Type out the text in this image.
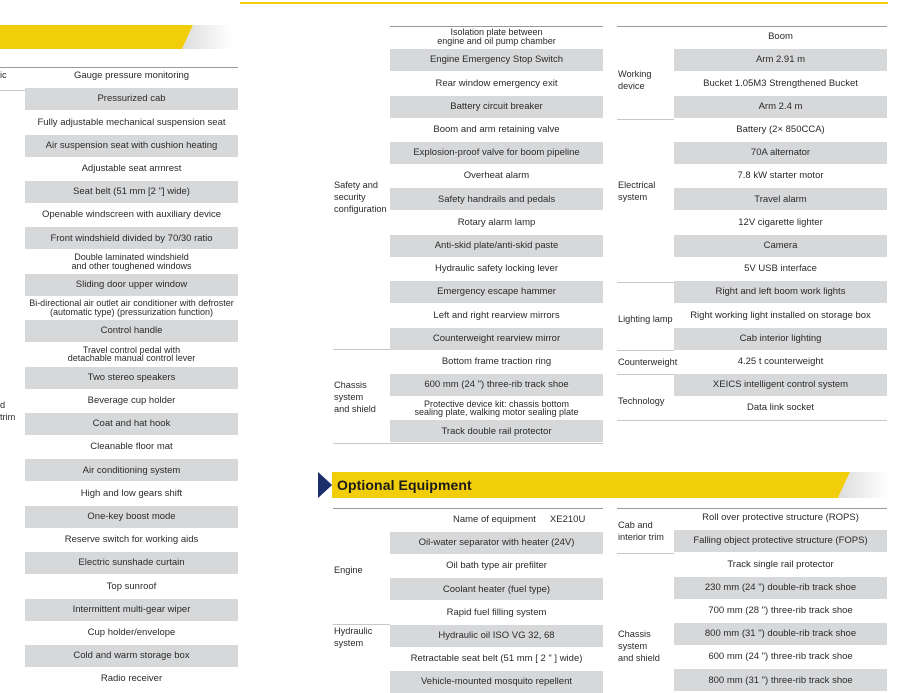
Optional Equipment
Gauge pressure monitoring
Pressurized cab
Fully adjustable mechanical suspension seat
Air suspension seat with cushion heating
Adjustable seat armrest
Seat belt (51 mm [2 "] wide)
Openable windscreen with auxiliary device
Front windshield divided by 70/30 ratio
Double laminated windshield
and other toughened windows
Sliding door upper window
Bi-directional air outlet air conditioner with defroster
(automatic type) (pressurization function)
Control handle
Travel control pedal with
detachable manual control lever
Two stereo speakers
Beverage cup holder
Coat and hat hook
Cleanable floor mat
Air conditioning system
High and low gears shift
One-key boost mode
Reserve switch for working aids
Electric sunshade curtain
Top sunroof
Intermittent multi-gear wiper
Cup holder/envelope
Cold and warm storage box
Radio receiver
ic
d
trim
Isolation plate between
engine and oil pump chamber
Engine Emergency Stop Switch
Rear window emergency exit
Battery circuit breaker
Boom and arm retaining valve
Explosion-proof valve for boom pipeline
Overheat alarm
Safety handrails and pedals
Rotary alarm lamp
Anti-skid plate/anti-skid paste
Hydraulic safety locking lever
Emergency escape hammer
Left and right rearview mirrors
Counterweight rearview mirror
Bottom frame traction ring
600 mm (24 ") three-rib track shoe
Protective device kit: chassis bottom
sealing plate, walking motor sealing plate
Track double rail protector
Safety and
security
configuration
Chassis
system
and shield
Boom
Arm 2.91 m
Bucket 1.05M3 Strengthened Bucket
Arm 2.4 m
Battery (2× 850CCA)
70A alternator
7.8 kW starter motor
Travel alarm
12V cigarette lighter
Camera
5V USB interface
Right and left boom work lights
Right working light installed on storage box
Cab interior lighting
4.25 t counterweight
XEICS intelligent control system
Data link socket
Working
device
Electrical
system
Lighting lamp
Counterweight
Technology
Name of equipment XE210U
Oil-water separator with heater (24V)
Oil bath type air prefilter
Coolant heater (fuel type)
Rapid fuel filling system
Hydraulic oil ISO VG 32, 68
Retractable seat belt (51 mm [ 2 " ] wide)
Vehicle-mounted mosquito repellent
Engine
Hydraulic
system
Roll over protective structure (ROPS)
Falling object protective structure (FOPS)
Track single rail protector
230 mm (24 ") double-rib track shoe
700 mm (28 ") three-rib track shoe
800 mm (31 ") double-rib track shoe
600 mm (24 ") three-rib track shoe
800 mm (31 ") three-rib track shoe
Cab and
interior trim
Chassis
system
and shield
